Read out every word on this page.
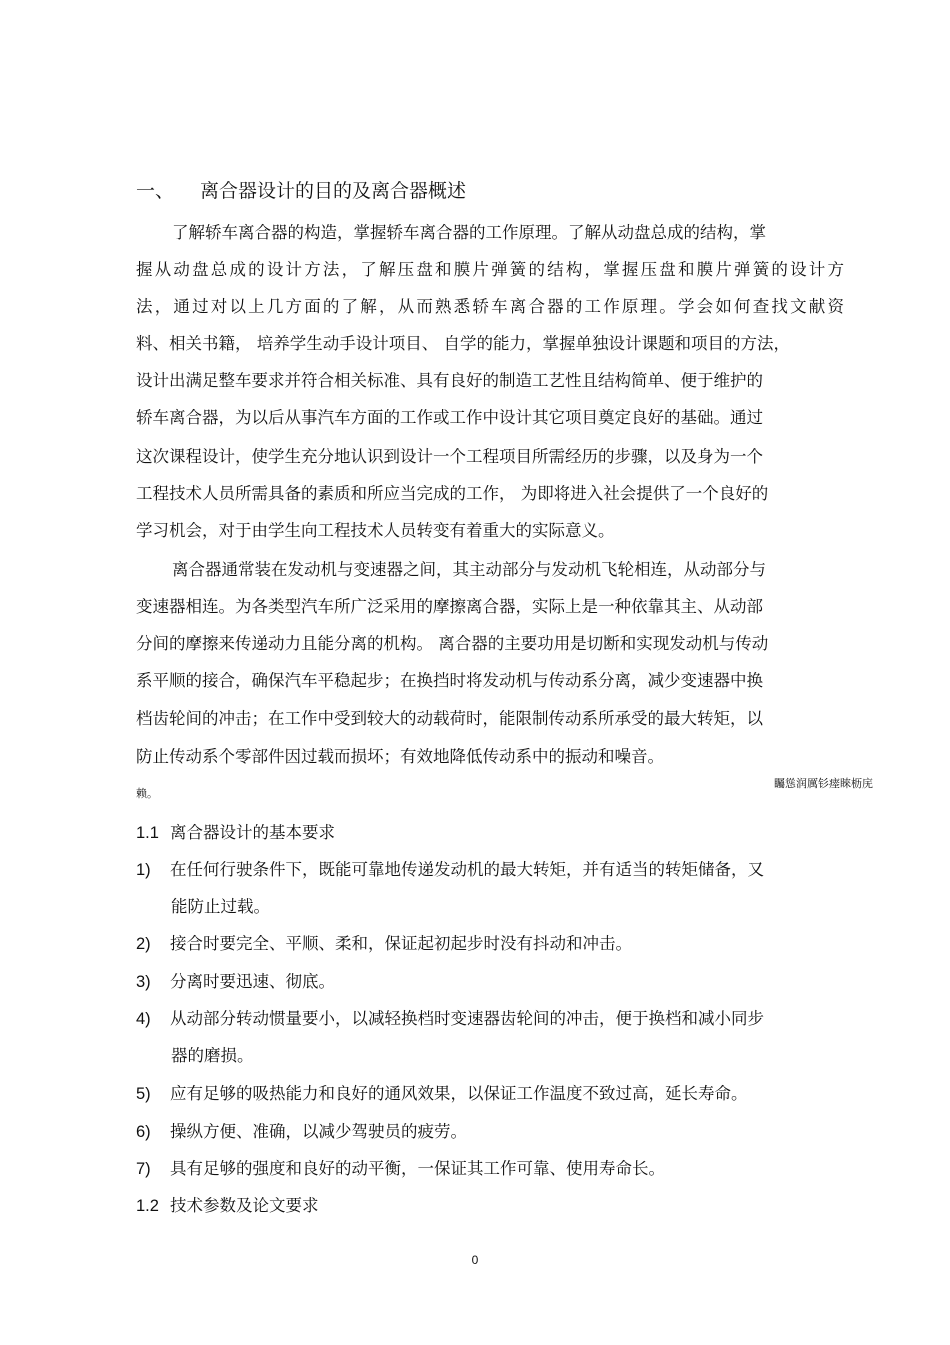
一、 离合器设计的目的及离合器概述
了解轿车离合器的构造，掌握轿车离合器的工作原理。了解从动盘总成的结构，掌
握从动盘总成的设计方法，了解压盘和膜片弹簧的结构，掌握压盘和膜片弹簧的设计方
法，通过对以上几方面的了解，从而熟悉轿车离合器的工作原理。学会如何查找文献资
料、相关书籍， 培养学生动手设计项目、 自学的能力，掌握单独设计课题和项目的方法，
设计出满足整车要求并符合相关标准、具有良好的制造工艺性且结构简单、便于维护的
轿车离合器，为以后从事汽车方面的工作或工作中设计其它项目奠定良好的基础。通过
这次课程设计，使学生充分地认识到设计一个工程项目所需经历的步骤，以及身为一个
工程技术人员所需具备的素质和所应当完成的工作， 为即将进入社会提供了一个良好的
学习机会，对于由学生向工程技术人员转变有着重大的实际意义。
离合器通常装在发动机与变速器之间，其主动部分与发动机飞轮相连，从动部分与
变速器相连。为各类型汽车所广泛采用的摩擦离合器，实际上是一种依靠其主、从动部
分间的摩擦来传递动力且能分离的机构。 离合器的主要功用是切断和实现发动机与传动
系平顺的接合，确保汽车平稳起步；在换挡时将发动机与传动系分离，减少变速器中换
档齿轮间的冲击；在工作中受到较大的动载荷时，能限制传动系所承受的最大转矩，以
防止传动系个零部件因过载而损坏；有效地降低传动系中的振动和噪音。
矚慫润厲钐瘗睞枥庑
赖。
1.1 离合器设计的基本要求
1) 在任何行驶条件下，既能可靠地传递发动机的最大转矩，并有适当的转矩储备，又
能防止过载。
2) 接合时要完全、平顺、柔和，保证起初起步时没有抖动和冲击。
3) 分离时要迅速、彻底。
4) 从动部分转动惯量要小，以减轻换档时变速器齿轮间的冲击，便于换档和减小同步
器的磨损。
5) 应有足够的吸热能力和良好的通风效果，以保证工作温度不致过高，延长寿命。
6) 操纵方便、准确，以减少驾驶员的疲劳。
7) 具有足够的强度和良好的动平衡，一保证其工作可靠、使用寿命长。
1.2 技术参数及论文要求
0
